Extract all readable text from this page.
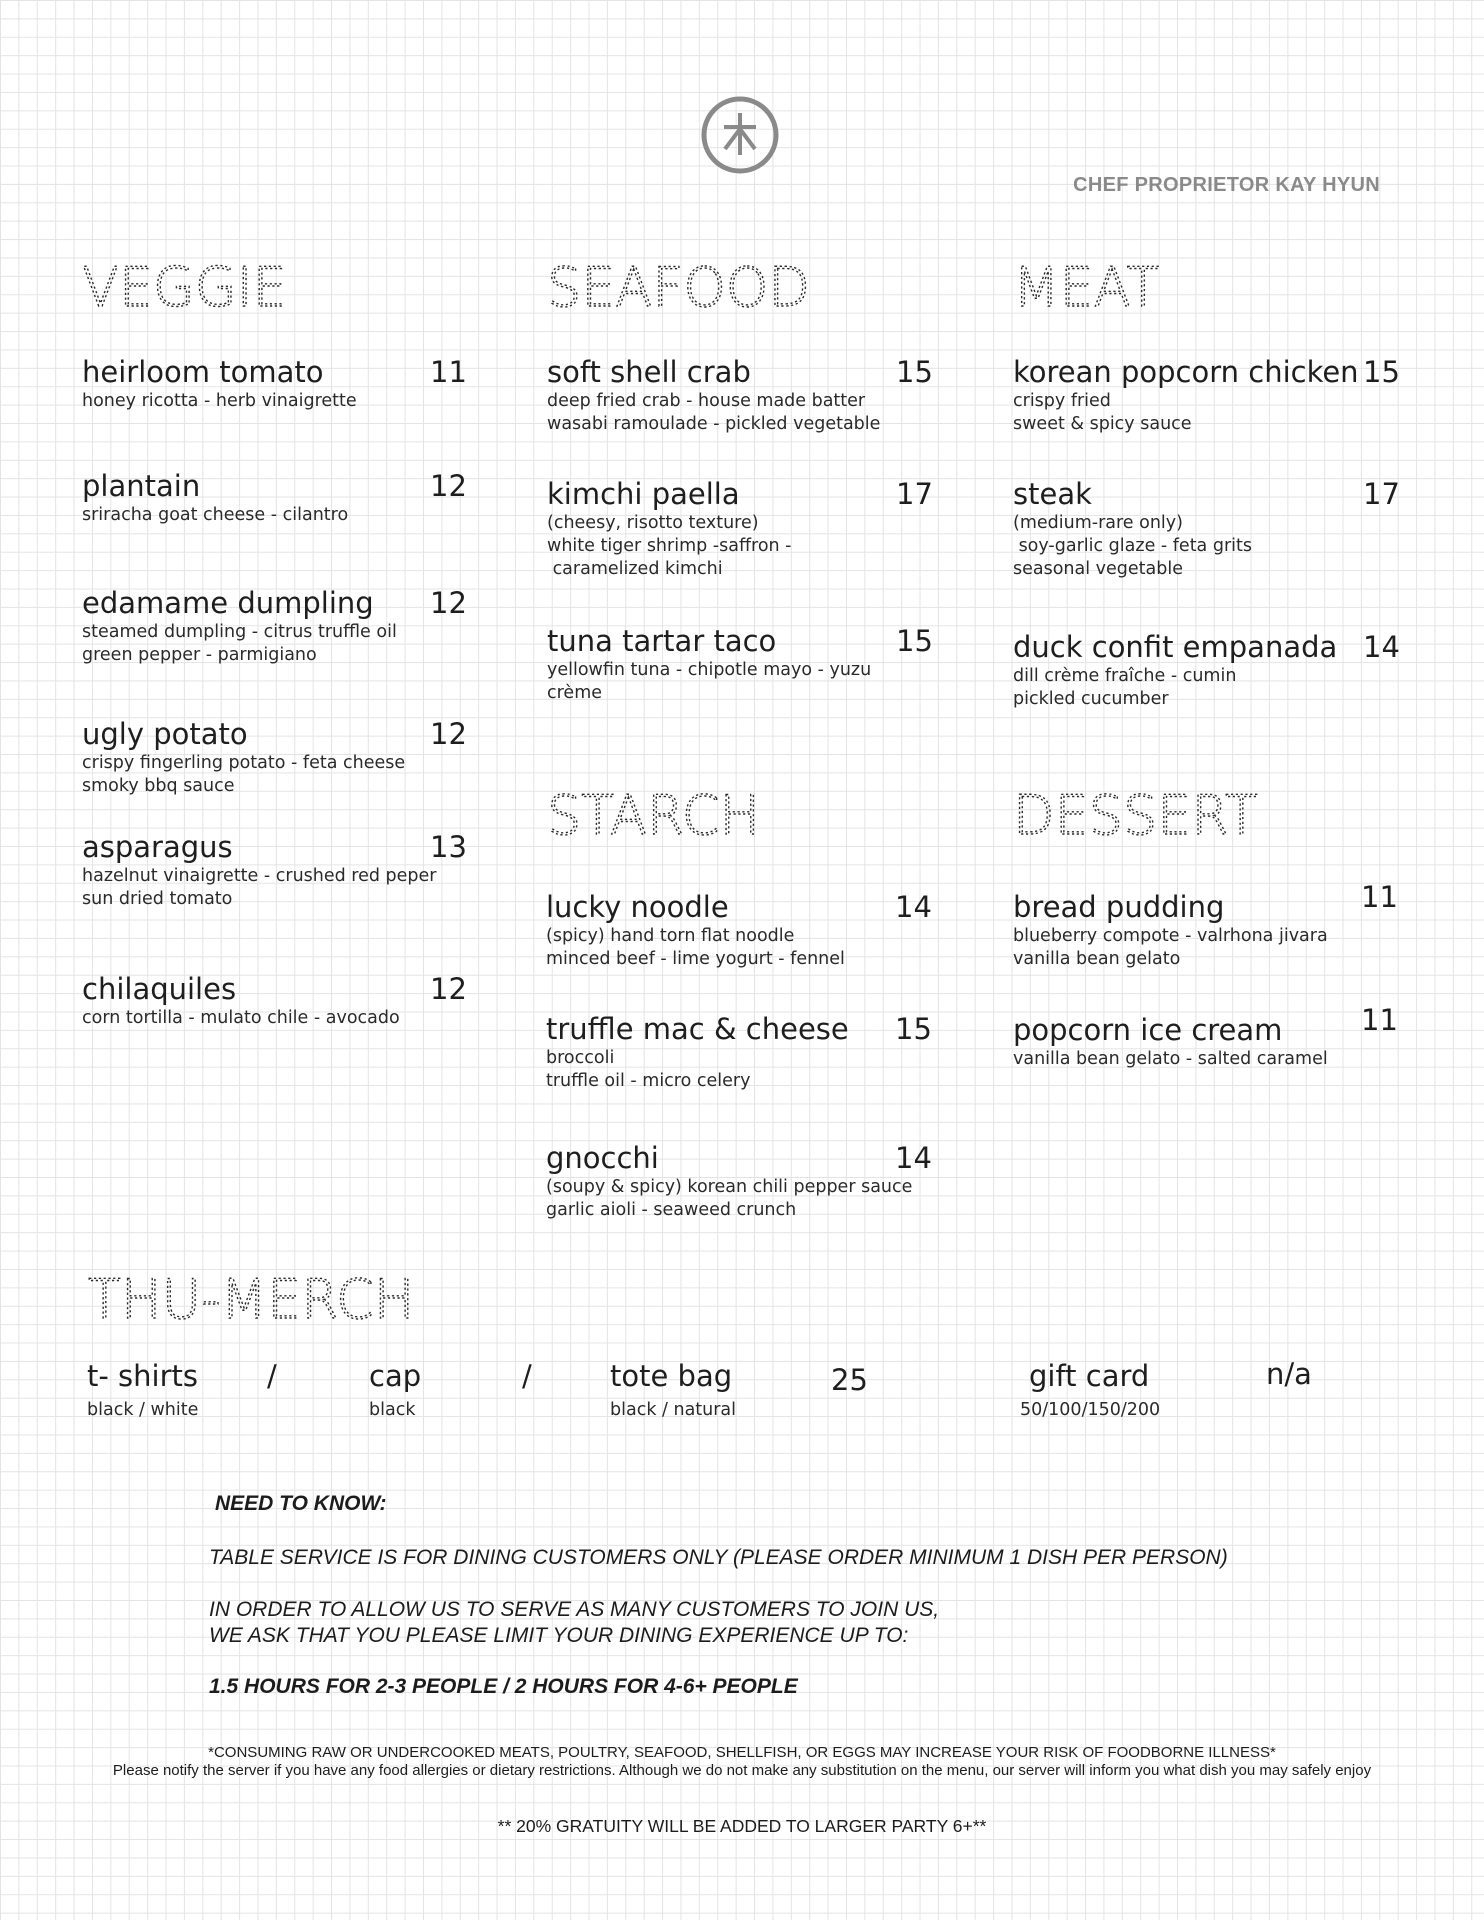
CHEF PROPRIETOR KAY HYUN
VEGGIE	SEAFOOD	MEAT
STARCH	DESSERT
THU-MERCH
heirloom tomato	11
honey ricotta - herb vinaigrette
plantain	12
sriracha goat cheese - cilantro
edamame dumpling	12
steamed dumpling - citrus truffle oil
green pepper - parmigiano
ugly potato	12
crispy fingerling potato - feta cheese
smoky bbq sauce
asparagus	13
hazelnut vinaigrette - crushed red peper
sun dried tomato
chilaquiles	12
corn tortilla - mulato chile - avocado
soft shell crab	15
deep fried crab - house made batter
wasabi ramoulade - pickled vegetable
kimchi paella	17
(cheesy, risotto texture)
white tiger shrimp -saffron -
caramelized kimchi
tuna tartar taco	15
yellowfin tuna - chipotle mayo - yuzu
crème
korean popcorn chicken 15
crispy fried
sweet & spicy sauce
steak	17
(medium-rare only)
soy-garlic glaze - feta grits
seasonal vegetable
duck confit empanada 14
dill crème fraîche - cumin
pickled cucumber
lucky noodle	14
(spicy) hand torn flat noodle
minced beef - lime yogurt - fennel
truffle mac & cheese	15
broccoli
truffle oil - micro celery
gnocchi	14
(soupy & spicy) korean chili pepper sauce
garlic aioli - seaweed crunch
bread pudding	11
blueberry compote - valrhona jivara
vanilla bean gelato
popcorn ice cream	11
vanilla bean gelato - salted caramel
t- shirts
black / white
/	cap
black
/	tote bag
black / natural
25	gift card
50/100/150/200
n/a
NEED TO KNOW:
TABLE SERVICE IS FOR DINING CUSTOMERS ONLY (PLEASE ORDER MINIMUM 1 DISH PER PERSON)
IN ORDER TO ALLOW US TO SERVE AS MANY CUSTOMERS TO JOIN US,
WE ASK THAT YOU PLEASE LIMIT YOUR DINING EXPERIENCE UP TO:
1.5 HOURS FOR 2-3 PEOPLE / 2 HOURS FOR 4-6+ PEOPLE
*CONSUMING RAW OR UNDERCOOKED MEATS, POULTRY, SEAFOOD, SHELLFISH, OR EGGS MAY INCREASE YOUR RISK OF FOODBORNE ILLNESS*
Please notify the server if you have any food allergies or dietary restrictions. Although we do not make any substitution on the menu, our server will inform you what dish you may safely enjoy
** 20% GRATUITY WILL BE ADDED TO LARGER PARTY 6+**
